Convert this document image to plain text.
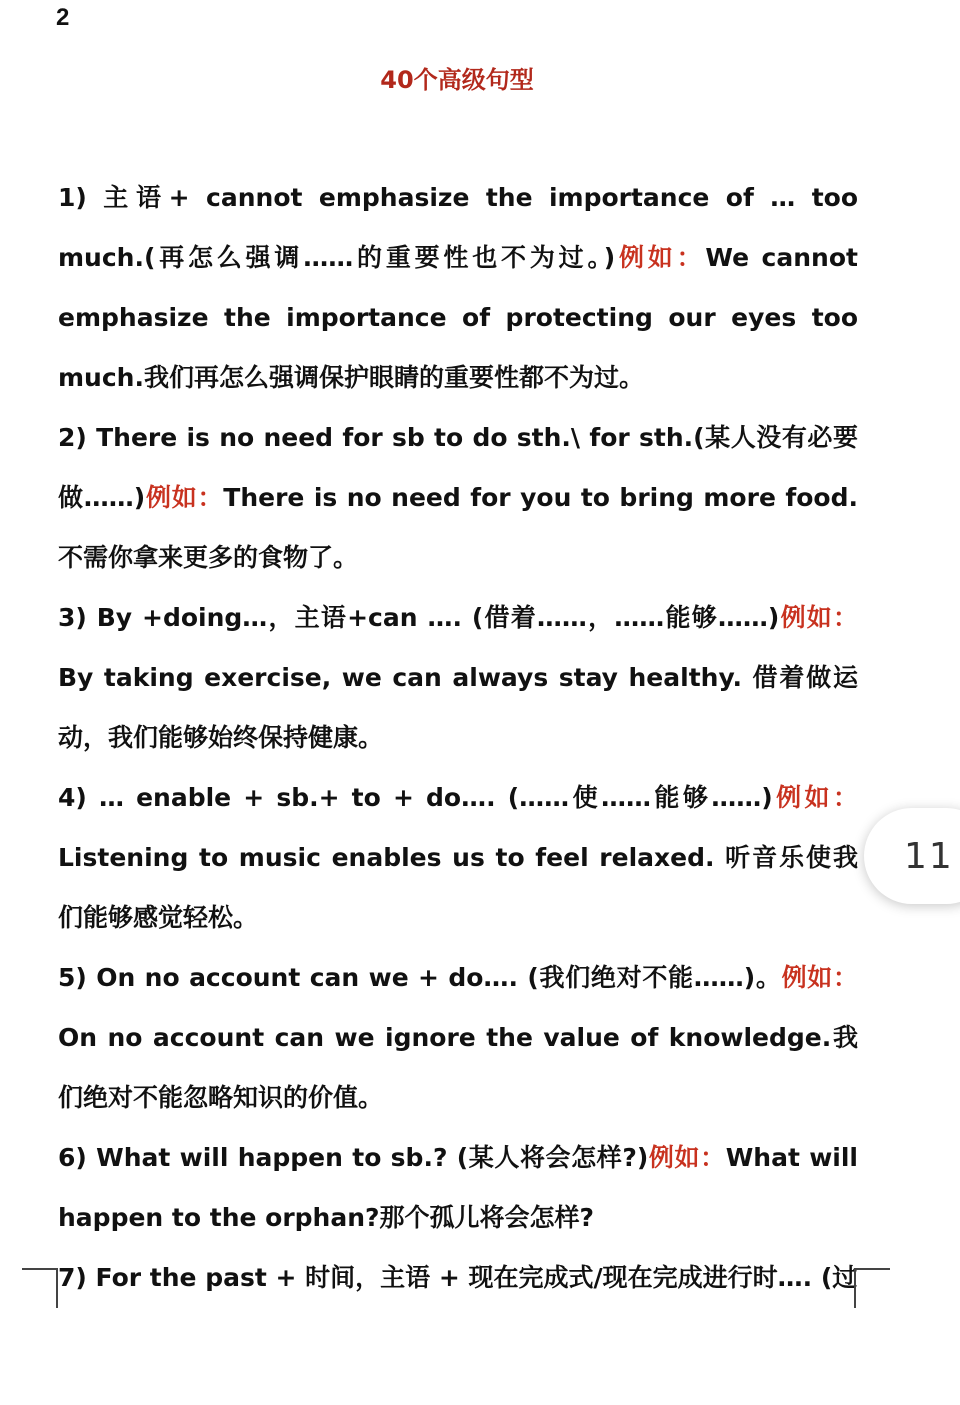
2
40个高级句型

1) 主语+ cannot emphasize the importance of … too much.(再怎么强调……的重要性也不为过。)例如：We cannot emphasize the importance of protecting our eyes too much.我们再怎么强调保护眼睛的重要性都不为过。

2) There is no need for sb to do sth.\ for sth.(某人没有必要做……)例如：There is no need for you to bring more food. 不需你拿来更多的食物了。

3) By +doing…，主语+can …. (借着……，……能够……)例如：By taking exercise, we can always stay healthy. 借着做运动，我们能够始终保持健康。

4) … enable + sb.+ to + do…. (……使……能够……)例如：Listening to music enables us to feel relaxed. 听音乐使我们能够感觉轻松。

5) On no account can we + do…. (我们绝对不能……)。例如：On no account can we ignore the value of knowledge.我们绝对不能忽略知识的价值。

6) What will happen to sb.? (某人将会怎样?)例如：What will happen to the orphan?那个孤儿将会怎样?

7) For the past + 时间，主语 + 现在完成式/现在完成进行时…. (过

11
